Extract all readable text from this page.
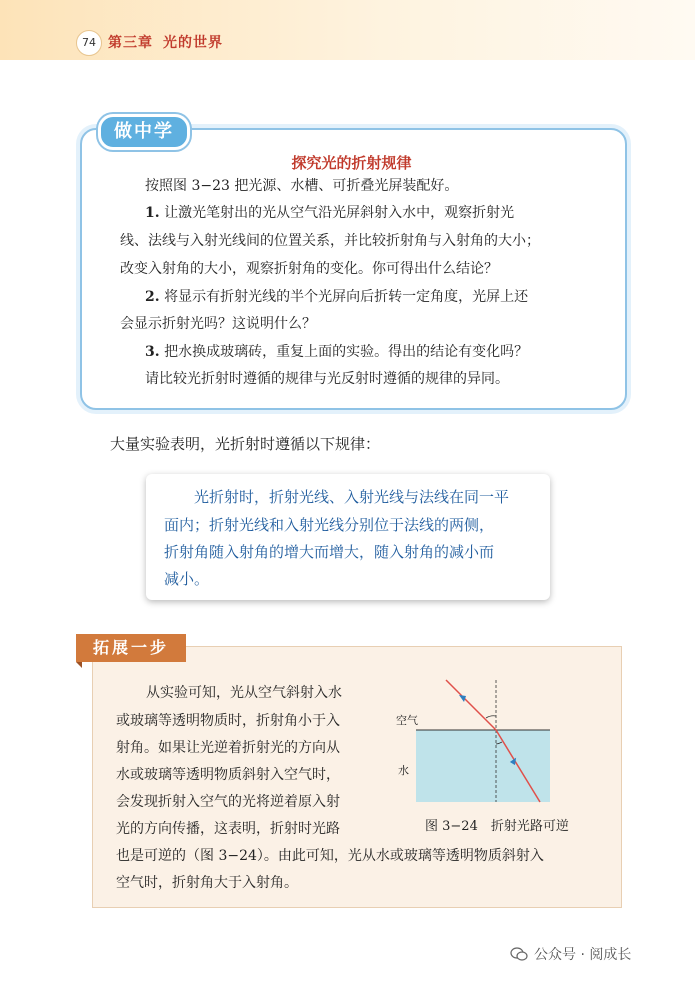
74 第三章 光的世界
做中学
探究光的折射规律
按照图 3−23 把光源、水槽、可折叠光屏装配好。
1. 让激光笔射出的光从空气沿光屏斜射入水中，观察折射光
线、法线与入射光线间的位置关系，并比较折射角与入射角的大小；
改变入射角的大小，观察折射角的变化。你可得出什么结论？
2. 将显示有折射光线的半个光屏向后折转一定角度，光屏上还
会显示折射光吗？这说明什么？
3. 把水换成玻璃砖，重复上面的实验。得出的结论有变化吗？
请比较光折射时遵循的规律与光反射时遵循的规律的异同。
大量实验表明，光折射时遵循以下规律：
光折射时，折射光线、入射光线与法线在同一平
面内；折射光线和入射光线分别位于法线的两侧，
折射角随入射角的增大而增大，随入射角的减小而
减小。
拓展一步
从实验可知，光从空气斜射入水
或玻璃等透明物质时，折射角小于入
射角。如果让光逆着折射光的方向从
水或玻璃等透明物质斜射入空气时，
会发现折射入空气的光将逆着原入射
光的方向传播，这表明，折射时光路
也是可逆的（图 3−24）。由此可知，光从水或玻璃等透明物质斜射入
空气时，折射角大于入射角。
空气
水
图 3−24　折射光路可逆
公众号 · 阅成长
